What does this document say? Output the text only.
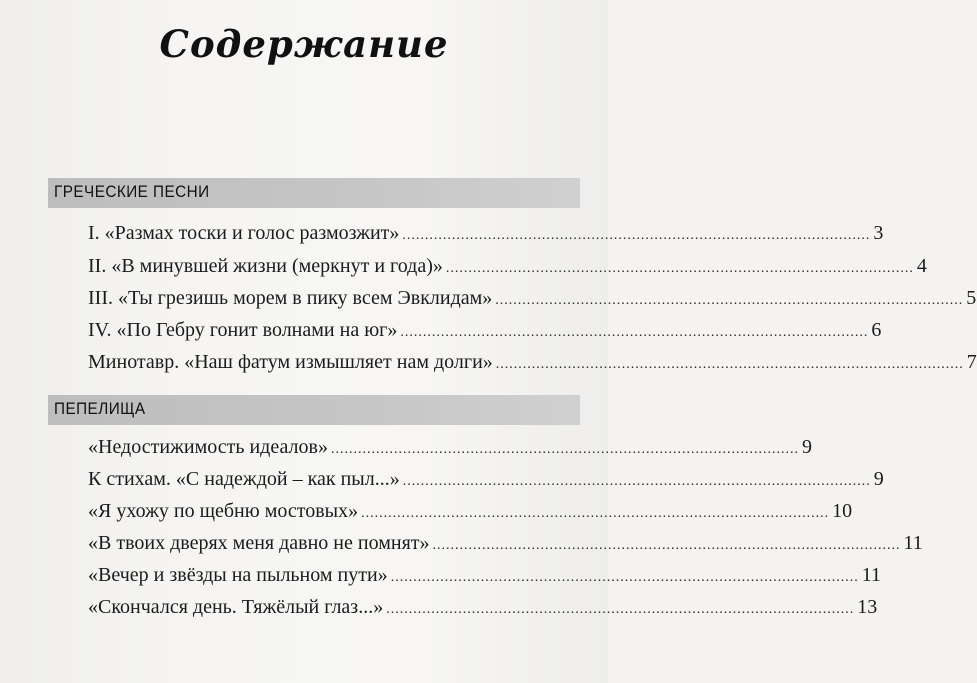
Содержание
ГРЕЧЕСКИЕ ПЕСНИ
I. «Размах тоски и голос размозжит» ........................................................................................................ 3
II. «В минувшей жизни (меркнут и года)» ........................................................................................................ 4
III. «Ты грезишь морем в пику всем Эвклидам» ........................................................................................................ 5
IV. «По Гебру гонит волнами на юг» ........................................................................................................ 6
Минотавр. «Наш фатум измышляет нам долги» ........................................................................................................ 7
ПЕПЕЛИЩА
«Недостижимость идеалов» ........................................................................................................ 9
К стихам. «С надеждой – как пыл...» ........................................................................................................ 9
«Я ухожу по щебню мостовых» ........................................................................................................ 10
«В твоих дверях меня давно не помнят» ........................................................................................................ 11
«Вечер и звёзды на пыльном пути» ........................................................................................................ 11
«Скончался день. Тяжёлый глаз...» ........................................................................................................ 13
